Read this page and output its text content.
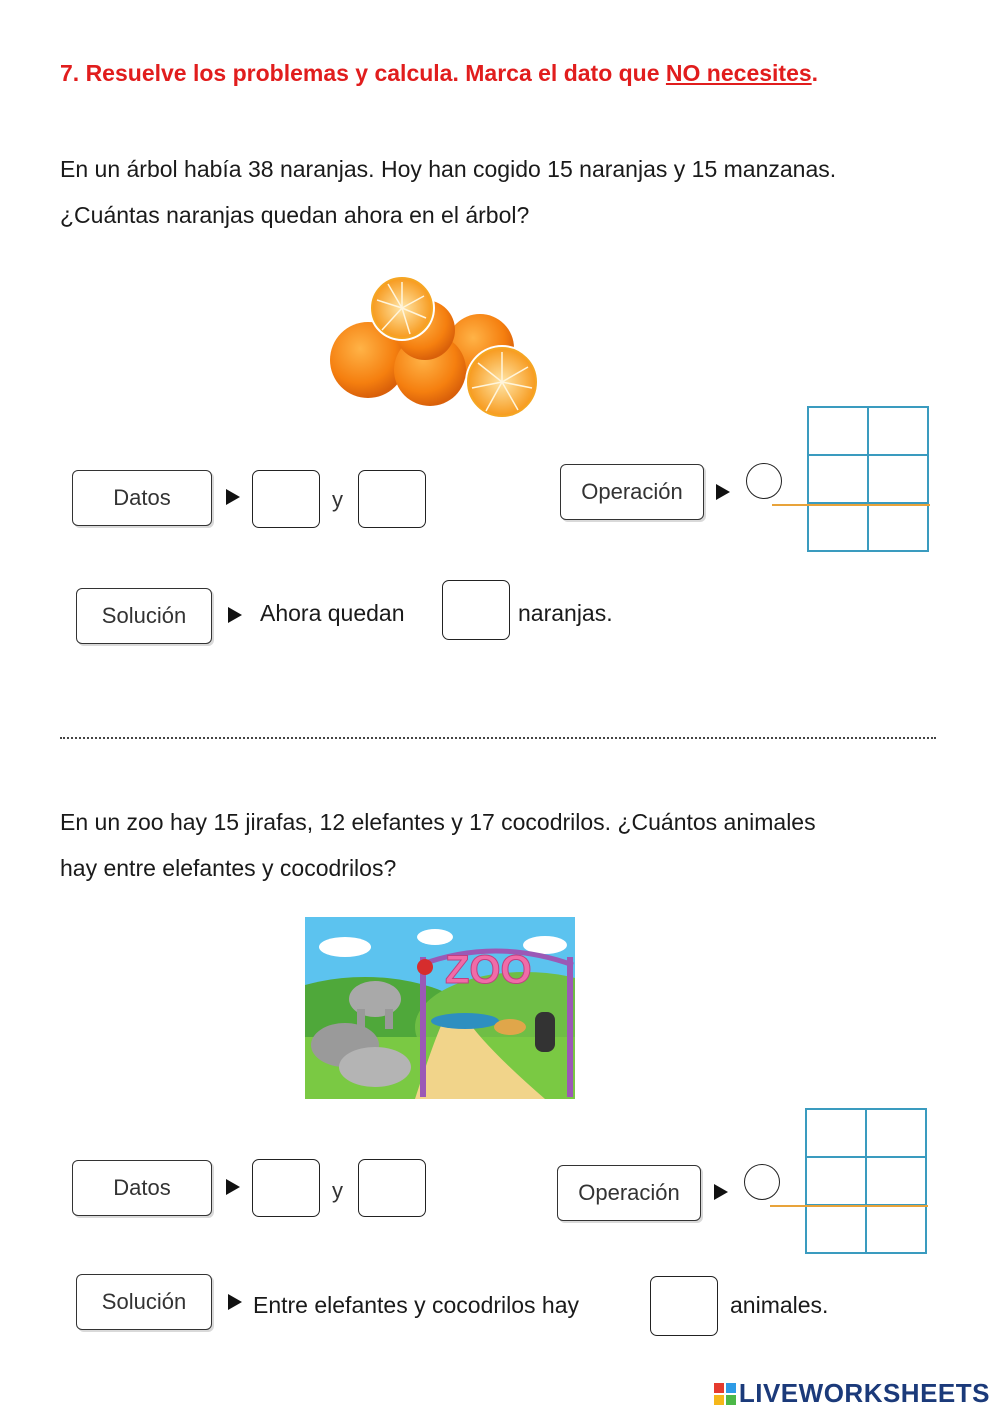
7. Resuelve los problemas y calcula. Marca el dato que NO necesites.
En un árbol había 38 naranjas. Hoy han cogido 15 naranjas y 15 manzanas.
¿Cuántas naranjas quedan ahora en el árbol?
Datos	y	Operación
Solución	Ahora quedan	naranjas.
En un zoo hay 15 jirafas, 12 elefantes y 17 cocodrilos. ¿Cuántos animales
hay entre elefantes y cocodrilos?
ZOO
Datos	y	Operación
Solución	Entre elefantes y cocodrilos hay	animales.
LIVEWORKSHEETS
